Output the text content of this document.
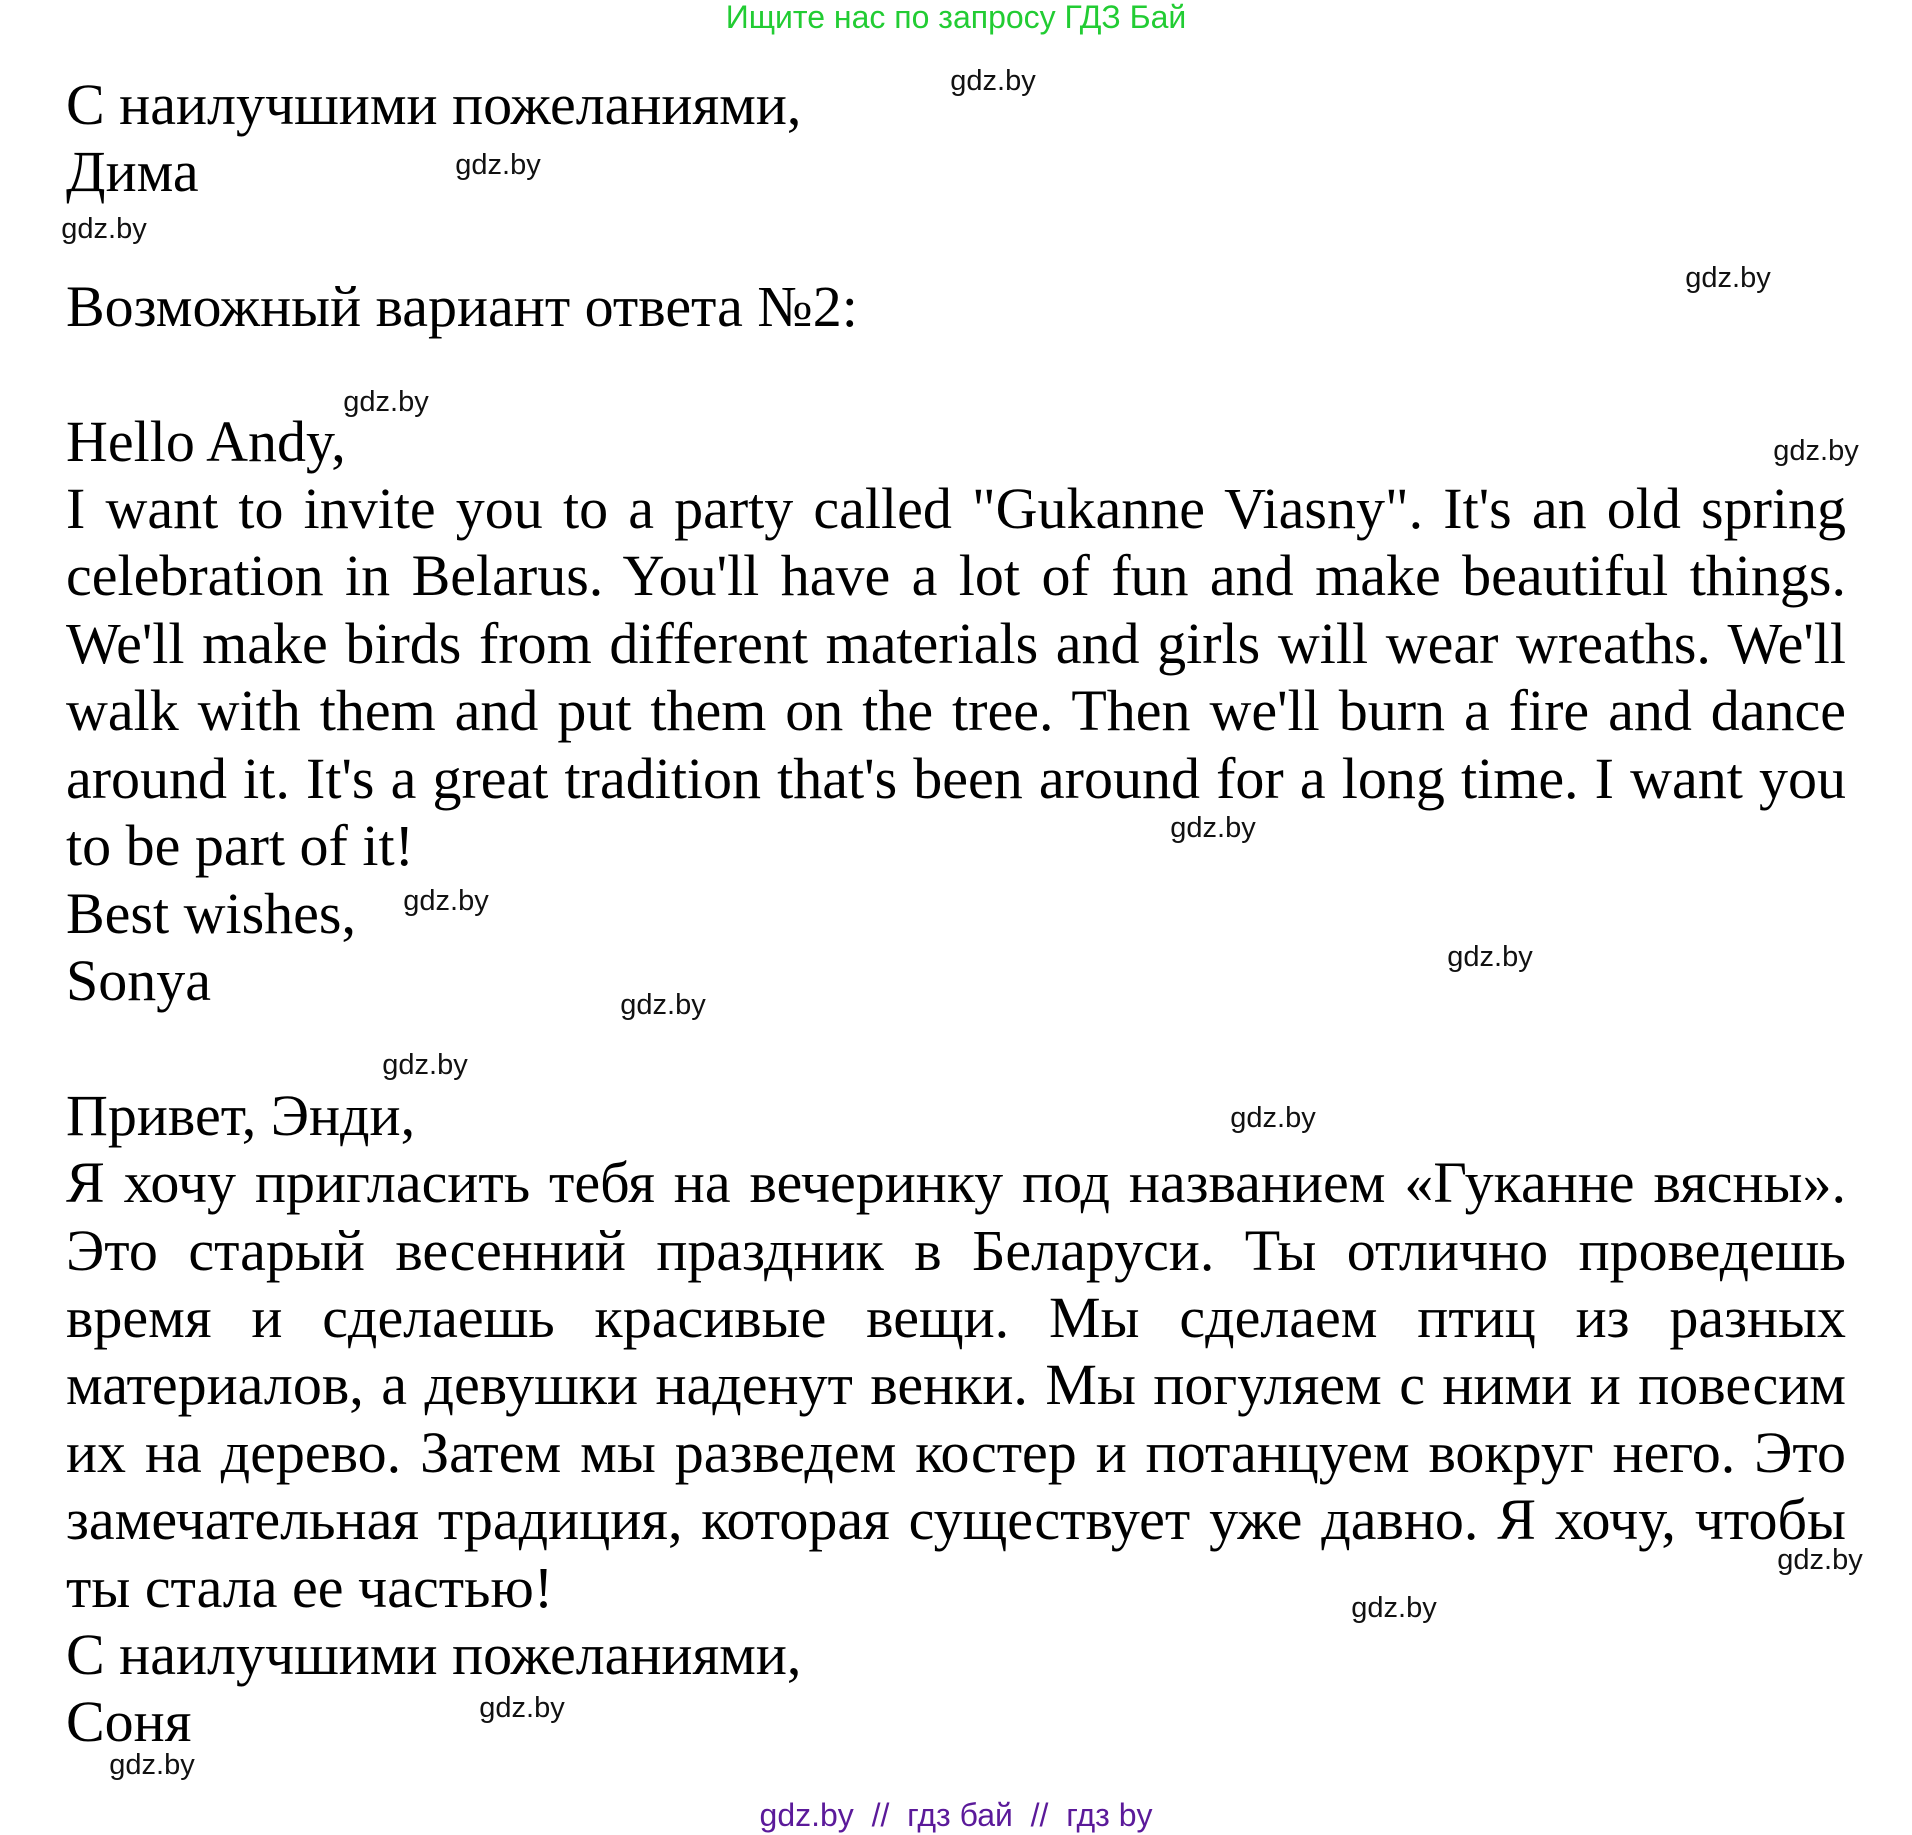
Ищите нас по запросу ГДЗ Бай
С наилучшими пожеланиями,
Дима
Возможный вариант ответа №2:
Hello Andy,
I want to invite you to a party called "Gukanne Viasny". It's an old spring
celebration in Belarus. You'll have a lot of fun and make beautiful things.
We'll make birds from different materials and girls will wear wreaths. We'll
walk with them and put them on the tree. Then we'll burn a fire and dance
around it. It's a great tradition that's been around for a long time. I want you
to be part of it!
Best wishes,
Sonya
Привет, Энди,
Я хочу пригласить тебя на вечеринку под названием «Гуканне вясны».
Это старый весенний праздник в Беларуси. Ты отлично проведешь
время и сделаешь красивые вещи. Мы сделаем птиц из разных
материалов, а девушки наденут венки. Мы погуляем с ними и повесим
их на дерево. Затем мы разведем костер и потанцуем вокруг него. Это
замечательная традиция, которая существует уже давно. Я хочу, чтобы
ты стала ее частью!
С наилучшими пожеланиями,
Соня
gdz.by
gdz.by
gdz.by
gdz.by
gdz.by
gdz.by
gdz.by
gdz.by
gdz.by
gdz.by
gdz.by
gdz.by
gdz.by
gdz.by
gdz.by
gdz.by
gdz.by  //  гдз бай  //  гдз by
